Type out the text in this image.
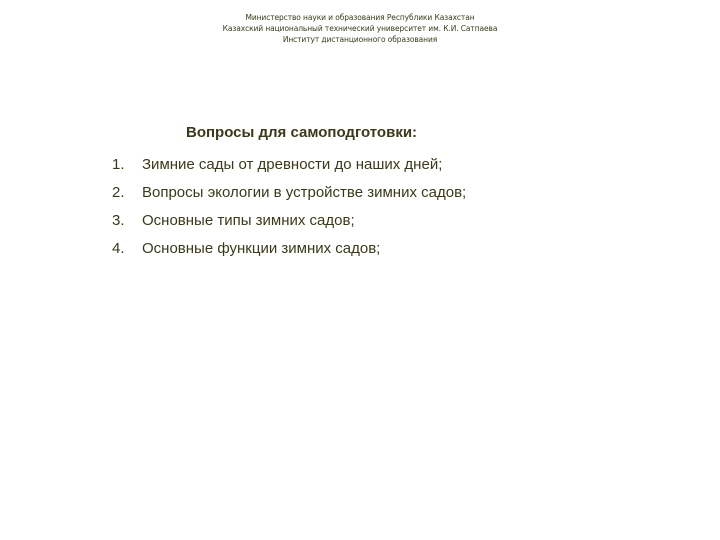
Министерство науки и образования Республики Казахстан
Казахский национальный технический университет им. К.И. Сатпаева
Институт дистанционного образования
Вопросы для самоподготовки:
1.	Зимние сады от древности до наших дней;
2.	Вопросы экологии в устройстве зимних садов;
3.	Основные типы зимних садов;
4.	Основные функции зимних садов;
